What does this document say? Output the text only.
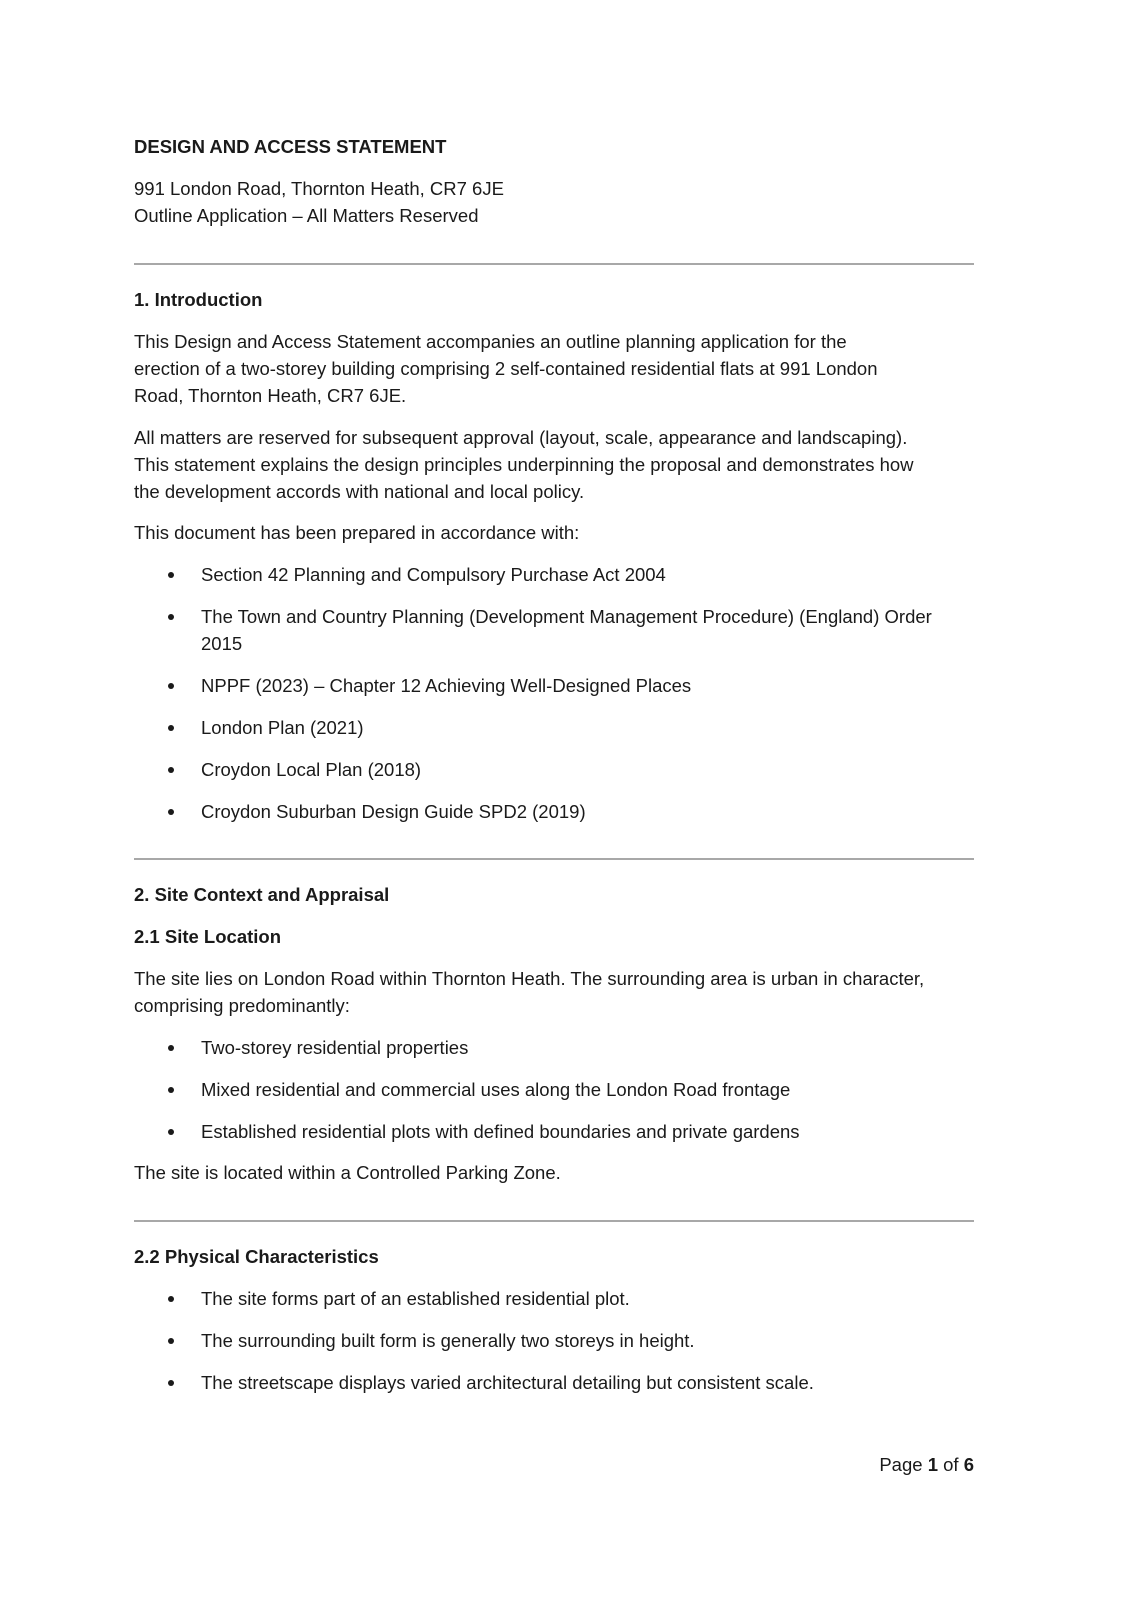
DESIGN AND ACCESS STATEMENT
991 London Road, Thornton Heath, CR7 6JE
Outline Application – All Matters Reserved
1. Introduction
This Design and Access Statement accompanies an outline planning application for the
erection of a two-storey building comprising 2 self-contained residential flats at 991 London
Road, Thornton Heath, CR7 6JE.
All matters are reserved for subsequent approval (layout, scale, appearance and landscaping).
This statement explains the design principles underpinning the proposal and demonstrates how
the development accords with national and local policy.
This document has been prepared in accordance with:
Section 42 Planning and Compulsory Purchase Act 2004
The Town and Country Planning (Development Management Procedure) (England) Order
2015
NPPF (2023) – Chapter 12 Achieving Well-Designed Places
London Plan (2021)
Croydon Local Plan (2018)
Croydon Suburban Design Guide SPD2 (2019)
2. Site Context and Appraisal
2.1 Site Location
The site lies on London Road within Thornton Heath. The surrounding area is urban in character,
comprising predominantly:
Two-storey residential properties
Mixed residential and commercial uses along the London Road frontage
Established residential plots with defined boundaries and private gardens
The site is located within a Controlled Parking Zone.
2.2 Physical Characteristics
The site forms part of an established residential plot.
The surrounding built form is generally two storeys in height.
The streetscape displays varied architectural detailing but consistent scale.
Page 1 of 6
